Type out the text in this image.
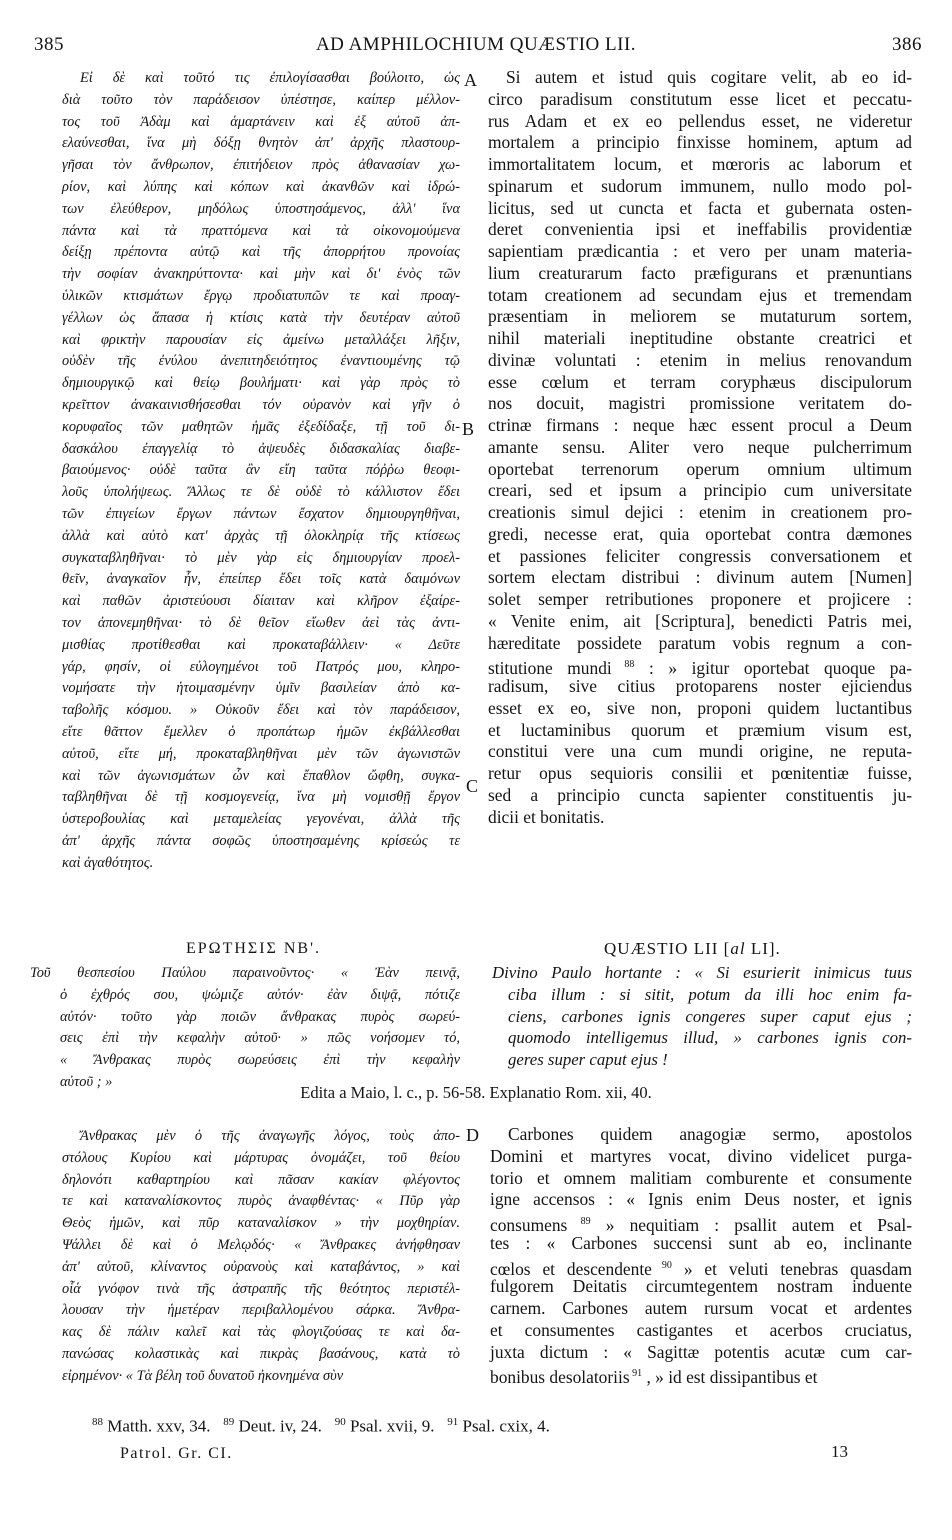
385	AD AMPHILOCHIUM QUÆSTIO LII.	386
A
B
C
D
Εἰ δὲ καὶ τοῦτό τις ἐπιλογίσασθαι βούλοιτο, ὡς
διὰ τοῦτο τὸν παράδεισον ὑπέστησε, καίπερ μέλλον-
τος τοῦ Ἀδὰμ καὶ ἁμαρτάνειν καὶ ἐξ αὐτοῦ ἀπ-
ελαύνεσθαι, ἵνα μὴ δόξῃ θνητὸν ἀπ' ἀρχῆς πλαστουρ-
γῆσαι τὸν ἄνθρωπον, ἐπιτήδειον πρὸς ἀθανασίαν χω-
ρίον, καὶ λύπης καὶ κόπων καὶ ἀκανθῶν καὶ ἱδρώ-
των ἐλεύθερον, μηδόλως ὑποστησάμενος, ἀλλ' ἵνα
πάντα καὶ τὰ πραττόμενα καὶ τὰ οἰκονομούμενα
δείξῃ πρέποντα αὐτῷ καὶ τῆς ἀπορρήτου προνοίας
τὴν σοφίαν ἀνακηρύττοντα· καὶ μὴν καὶ δι' ἑνὸς τῶν
ὑλικῶν κτισμάτων ἔργῳ προδιατυπῶν τε καὶ προαγ-
γέλλων ὡς ἅπασα ἡ κτίσις κατὰ τὴν δευτέραν αὐτοῦ
καὶ φρικτὴν παρουσίαν εἰς ἀμείνω μεταλλάξει λῆξιν,
οὐδὲν τῆς ἐνύλου ἀνεπιτηδειότητος ἐναντιουμένης τῷ
δημιουργικῷ καὶ θείῳ βουλήματι· καὶ γὰρ πρὸς τὸ
κρεῖττον ἀνακαινισθήσεσθαι τόν οὐρανὸν καὶ γῆν ὁ
κορυφαῖος τῶν μαθητῶν ἡμᾶς ἐξεδίδαξε, τῇ τοῦ δι-
δασκάλου ἐπαγγελίᾳ τὸ ἀψευδὲς διδασκαλίας διαβε-
βαιούμενος· οὐδὲ ταῦτα ἂν εἴη ταῦτα πόῤῥω θεοφι-
λοῦς ὑπολήψεως. Ἄλλως τε δὲ οὐδὲ τὸ κάλλιστον ἔδει
τῶν ἐπιγείων ἔργων πάντων ἔσχατον δημιουργηθῆναι,
ἀλλὰ καὶ αὐτὸ κατ' ἀρχὰς τῇ ὁλοκληρίᾳ τῆς κτίσεως
συγκαταβληθῆναι· τὸ μὲν γὰρ εἰς δημιουργίαν προελ-
θεῖν, ἀναγκαῖον ἦν, ἐπείπερ ἔδει τοῖς κατὰ δαιμόνων
καὶ παθῶν ἀριστεύουσι δίαιταν καὶ κλῆρον ἐξαίρε-
τον ἀπονεμηθῆναι· τὸ δὲ θεῖον εἴωθεν ἀεὶ τὰς ἀντι-
μισθίας προτίθεσθαι καὶ προκαταβάλλειν· « Δεῦτε
γάρ, φησίν, οἱ εὐλογημένοι τοῦ Πατρός μου, κληρο-
νομήσατε τὴν ἡτοιμασμένην ὑμῖν βασιλείαν ἀπὸ κα-
ταβολῆς κόσμου. » Οὐκοῦν ἔδει καὶ τὸν παράδεισον,
εἴτε θᾶττον ἔμελλεν ὁ προπάτωρ ἡμῶν ἐκβάλλεσθαι
αὐτοῦ, εἴτε μή, προκαταβληθῆναι μὲν τῶν ἀγωνιστῶν
καὶ τῶν ἀγωνισμάτων ὧν καὶ ἔπαθλον ὤφθη, συγκα-
ταβληθῆναι δὲ τῇ κοσμογενείᾳ, ἵνα μὴ νομισθῇ ἔργον
ὑστεροβουλίας καὶ μεταμελείας γεγονέναι, ἀλλὰ τῆς
ἀπ' ἀρχῆς πάντα σοφῶς ὑποστησαμένης κρίσεώς τε
καὶ ἀγαθότητος.
Si autem et istud quis cogitare velit, ab eo id-
circo paradisum constitutum esse licet et peccatu-
rus Adam et ex eo pellendus esset, ne videretur
mortalem a principio finxisse hominem, aptum ad
immortalitatem locum, et mœroris ac laborum et
spinarum et sudorum immunem, nullo modo pol-
licitus, sed ut cuncta et facta et gubernata osten-
deret convenientia ipsi et ineffabilis providentiæ
sapientiam prædicantia : et vero per unam materia-
lium creaturarum facto præfigurans et prænuntians
totam creationem ad secundam ejus et tremendam
præsentiam in meliorem se mutaturum sortem,
nihil materiali ineptitudine obstante creatrici et
divinæ voluntati : etenim in melius renovandum
esse cœlum et terram coryphæus discipulorum
nos docuit, magistri promissione veritatem do-
ctrinæ firmans : neque hæc essent procul a Deum
amante sensu. Aliter vero neque pulcherrimum
oportebat terrenorum operum omnium ultimum
creari, sed et ipsum a principio cum universitate
creationis simul dejici : etenim in creationem pro-
gredi, necesse erat, quia oportebat contra dæmones
et passiones feliciter congressis conversationem et
sortem electam distribui : divinum autem [Numen]
solet semper retributiones proponere et projicere :
« Venite enim, ait [Scriptura], benedicti Patris mei,
hæreditate possidete paratum vobis regnum a con-
stitutione mundi $^{88}$ : » igitur oportebat quoque pa-
radisum, sive citius protoparens noster ejiciendus
esset ex eo, sive non, proponi quidem luctantibus
et luctaminibus quorum et præmium visum est,
constitui vere una cum mundi origine, ne reputa-
retur opus sequioris consilii et pœnitentiæ fuisse,
sed a principio cuncta sapienter constituentis ju-
dicii et bonitatis.
ΕΡΩΤΗΣΙΣ ΝΒ'.	QUÆSTIO LII [al LI].
Τοῦ θεσπεσίου Παύλου παραινοῦντος· « Ἐὰν πεινᾷ,
ὁ ἐχθρός σου, ψώμιζε αὐτόν· ἐὰν διψᾷ, πότιζε
αὐτόν· τοῦτο γὰρ ποιῶν ἄνθρακας πυρὸς σωρεύ-
σεις ἐπὶ τὴν κεφαλὴν αὐτοῦ· » πῶς νοήσομεν τό,
« Ἄνθρακας πυρὸς σωρεύσεις ἐπὶ τὴν κεφαλὴν
αὐτοῦ ; »
Divino Paulo hortante : « Si esurierit inimicus tuus
ciba illum : si sitit, potum da illi hoc enim fa-
ciens, carbones ignis congeres super caput ejus ;
quomodo intelligemus illud, » carbones ignis con-
geres super caput ejus !
Edita a Maio, l. c., p. 56-58. Explanatio Rom. xii, 40.
Ἄνθρακας μὲν ὁ τῆς ἀναγωγῆς λόγος, τοὺς ἀπο-
στόλους Κυρίου καὶ μάρτυρας ὀνομάζει, τοῦ θείου
δηλονότι καθαρτηρίου καὶ πᾶσαν κακίαν φλέγοντος
τε καὶ καταναλίσκοντος πυρὸς ἀναφθέντας· « Πῦρ γὰρ
Θεὸς ἡμῶν, καὶ πῦρ καταναλίσκον » τὴν μοχθηρίαν.
Ψάλλει δὲ καὶ ὁ Μελῳδός· « Ἄνθρακες ἀνήφθησαν
ἀπ' αὐτοῦ, κλίναντος οὐρανοὺς καὶ καταβάντος, » καὶ
οἷά γνόφον τινὰ τῆς ἀστραπῆς τῆς θεότητος περιστέλ-
λουσαν τὴν ἡμετέραν περιβαλλομένου σάρκα. Ἄνθρα-
κας δὲ πάλιν καλεῖ καὶ τὰς φλογιζούσας τε καὶ δα-
πανώσας κολαστικὰς καὶ πικρὰς βασάνους, κατὰ τὸ
εἰρημένον· « Τὰ βέλη τοῦ δυνατοῦ ἠκονημένα σὺν
Carbones quidem anagogiæ sermo, apostolos
Domini et martyres vocat, divino videlicet purga-
torio et omnem malitiam comburente et consumente
igne accensos : « Ignis enim Deus noster, et ignis
consumens $^{89}$ » nequitiam : psallit autem et Psal-
tes : « Carbones succensi sunt ab eo, inclinante
cœlos et descendente $^{90}$ » et veluti tenebras quasdam
fulgorem Deitatis circumtegentem nostram induente
carnem. Carbones autem rursum vocat et ardentes
et consumentes castigantes et acerbos cruciatus,
juxta dictum : « Sagittæ potentis acutæ cum car-
bonibus desolatoriis $^{91}$ , » id est dissipantibus et
$^{88}$ Matth. xxv, 34. $^{89}$ Deut. iv, 24. $^{90}$ Psal. xvii, 9. $^{91}$ Psal. cxix, 4.
Patrol. Gr. CI.	13
